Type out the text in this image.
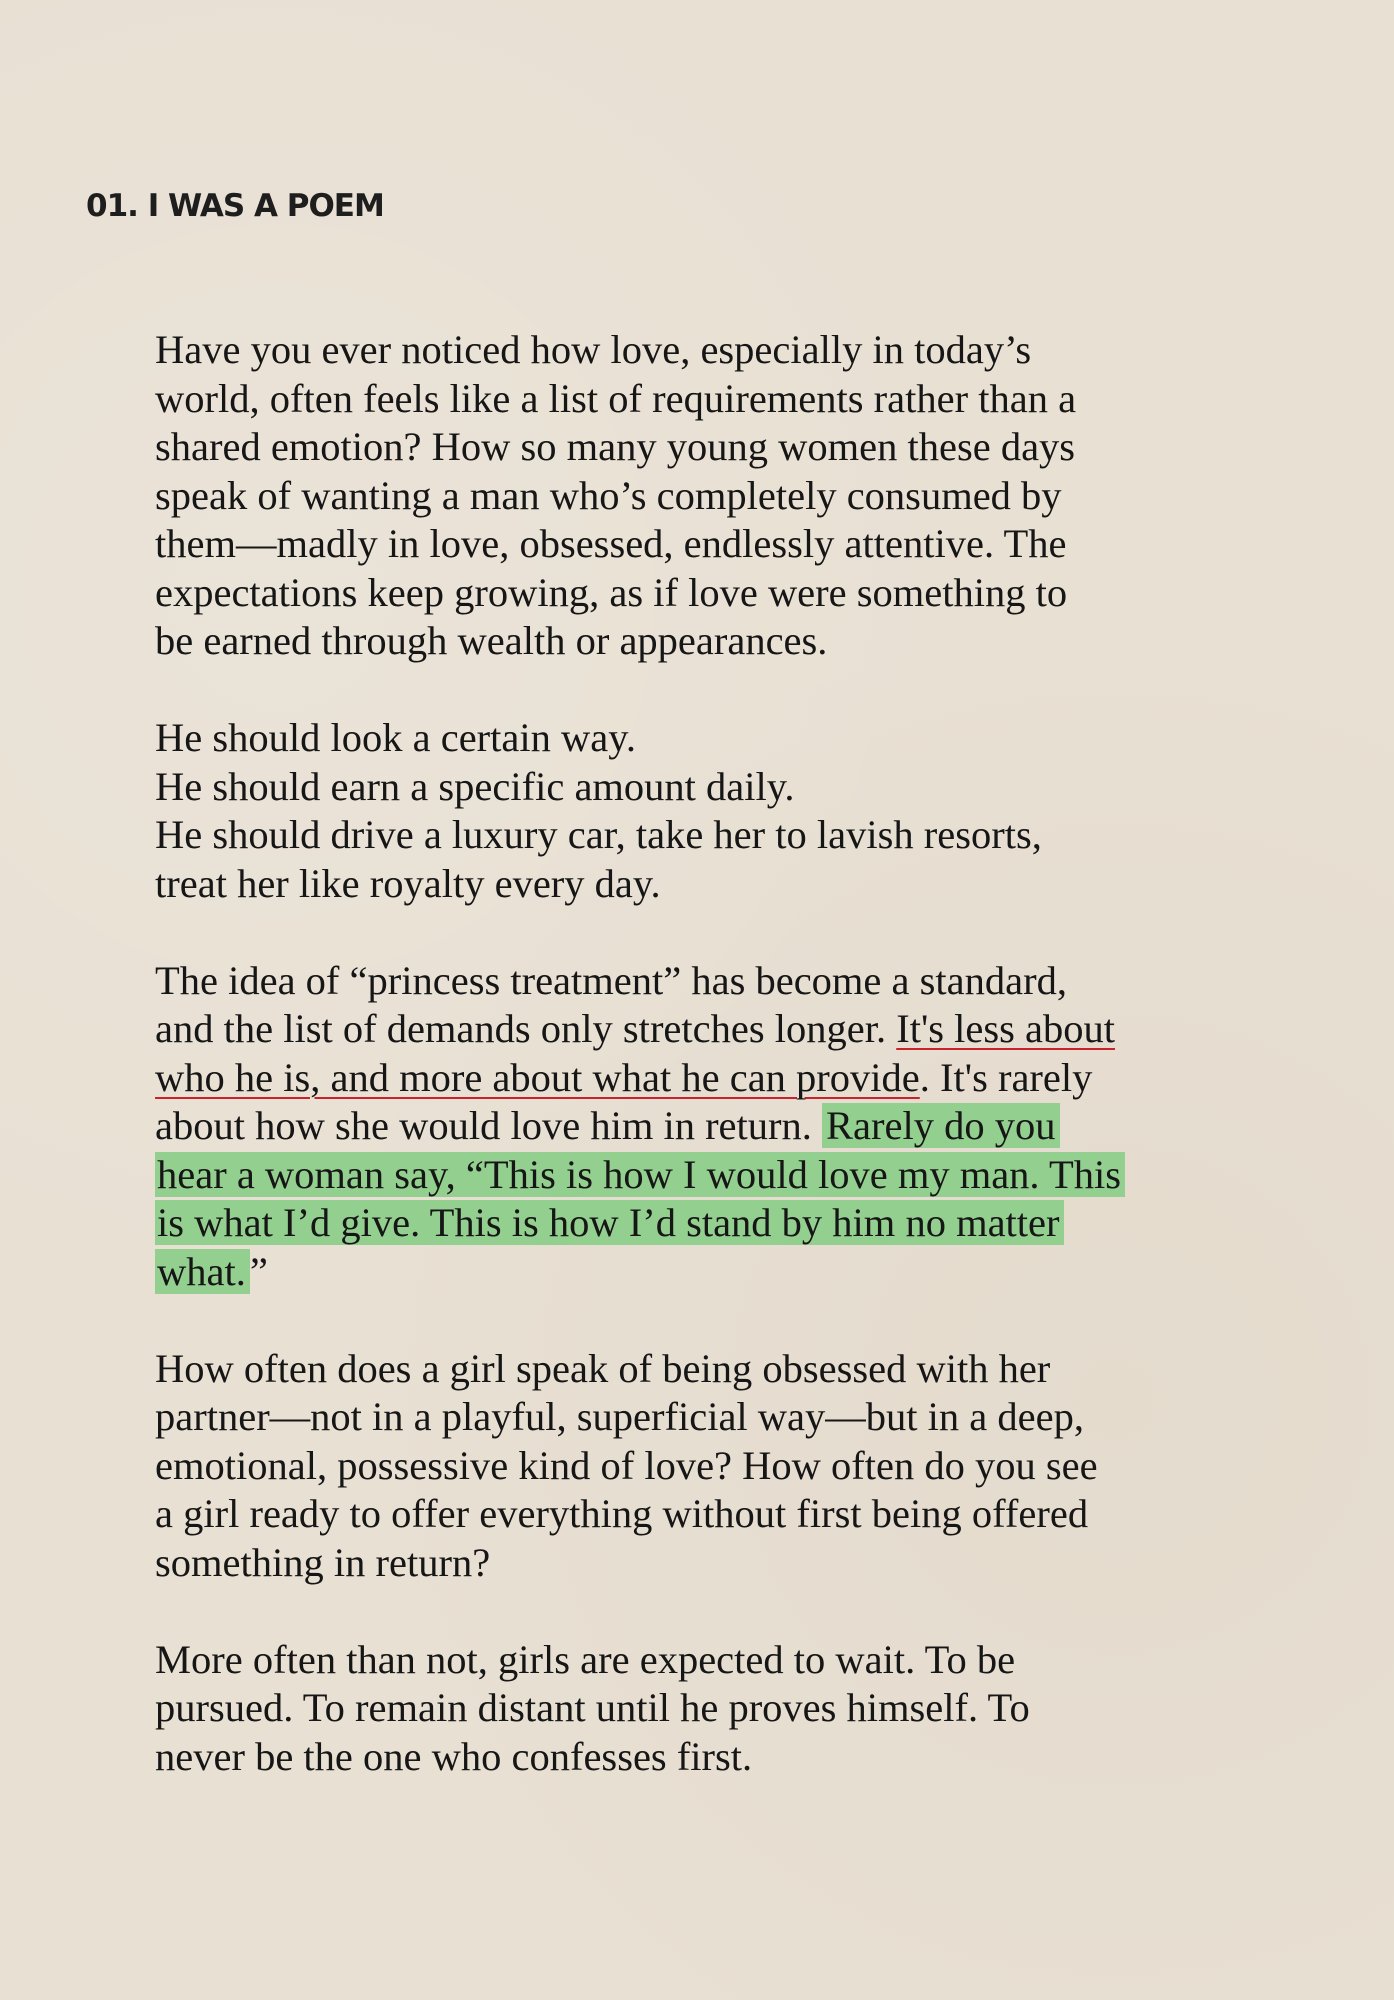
01. I WAS A POEM

Have you ever noticed how love, especially in today’s
world, often feels like a list of requirements rather than a
shared emotion? How so many young women these days
speak of wanting a man who’s completely consumed by
them—madly in love, obsessed, endlessly attentive. The
expectations keep growing, as if love were something to
be earned through wealth or appearances.

He should look a certain way.
He should earn a specific amount daily.
He should drive a luxury car, take her to lavish resorts,
treat her like royalty every day.

The idea of “princess treatment” has become a standard,
and the list of demands only stretches longer. It's less about
who he is, and more about what he can provide. It's rarely
about how she would love him in return. Rarely do you
hear a woman say, “This is how I would love my man. This
is what I’d give. This is how I’d stand by him no matter
what.”

How often does a girl speak of being obsessed with her
partner—not in a playful, superficial way—but in a deep,
emotional, possessive kind of love? How often do you see
a girl ready to offer everything without first being offered
something in return?

More often than not, girls are expected to wait. To be
pursued. To remain distant until he proves himself. To
never be the one who confesses first.
